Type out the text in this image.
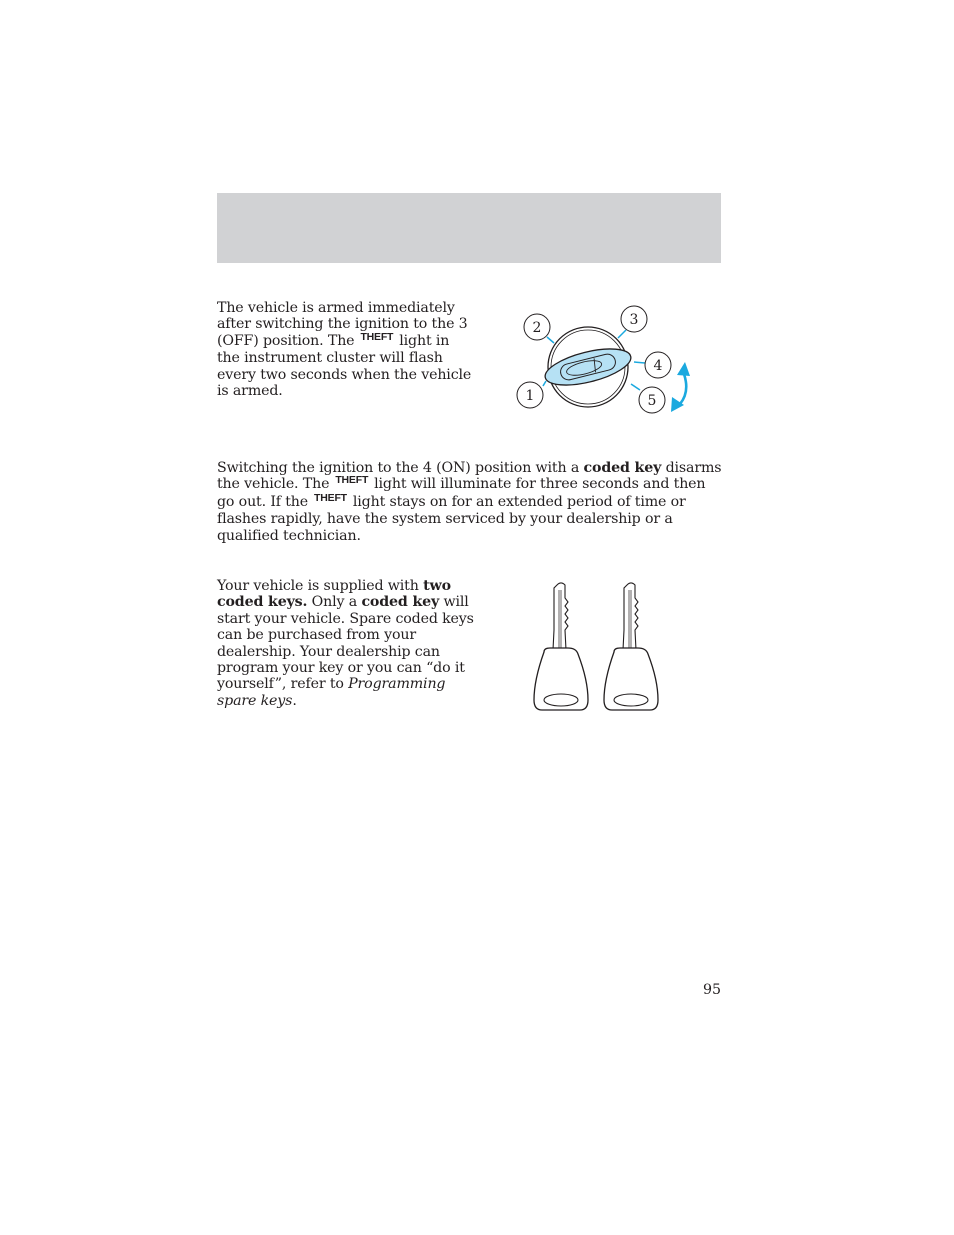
The vehicle is armed immediately
after switching the ignition to the 3
(OFF) position. The $^{THEFT}$ light in
the instrument cluster will flash
every two seconds when the vehicle
is armed.
2	3
4
5
1
Switching the ignition to the 4 (ON) position with a coded key disarms
the vehicle. The $^{THEFT}$ light will illuminate for three seconds and then
go out. If the $^{THEFT}$ light stays on for an extended period of time or
flashes rapidly, have the system serviced by your dealership or a
qualified technician.
Your vehicle is supplied with two
coded keys. Only a coded key will
start your vehicle. Spare coded keys
can be purchased from your
dealership. Your dealership can
program your key or you can “do it
yourself”, refer to Programming
spare keys.
95
